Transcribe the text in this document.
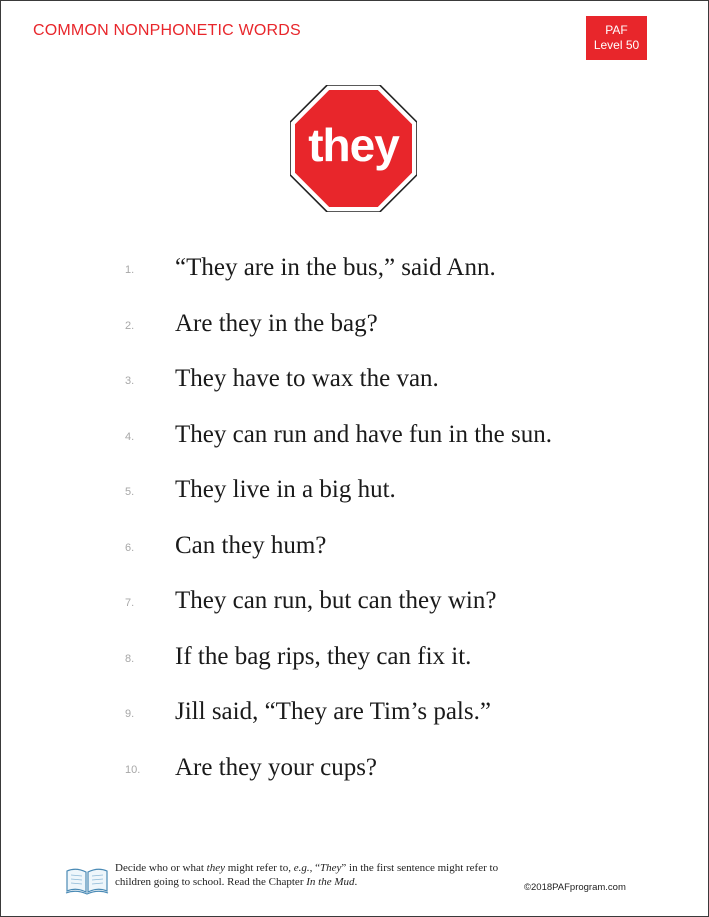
COMMON NONPHONETIC WORDS	PAF
Level 50
they
1.	“They are in the bus,” said Ann.
2.	Are they in the bag?
3.	They have to wax the van.
4.	They can run and have fun in the sun.
5.	They live in a big hut.
6.	Can they hum?
7.	They can run, but can they win?
8.	If the bag rips, they can fix it.
9.	Jill said, “They are Tim’s pals.”
10.	Are they your cups?
Decide who or what they might refer to, e.g., “They” in the first sentence might refer to children going to school. Read the Chapter In the Mud.	©2018PAFprogram.com
